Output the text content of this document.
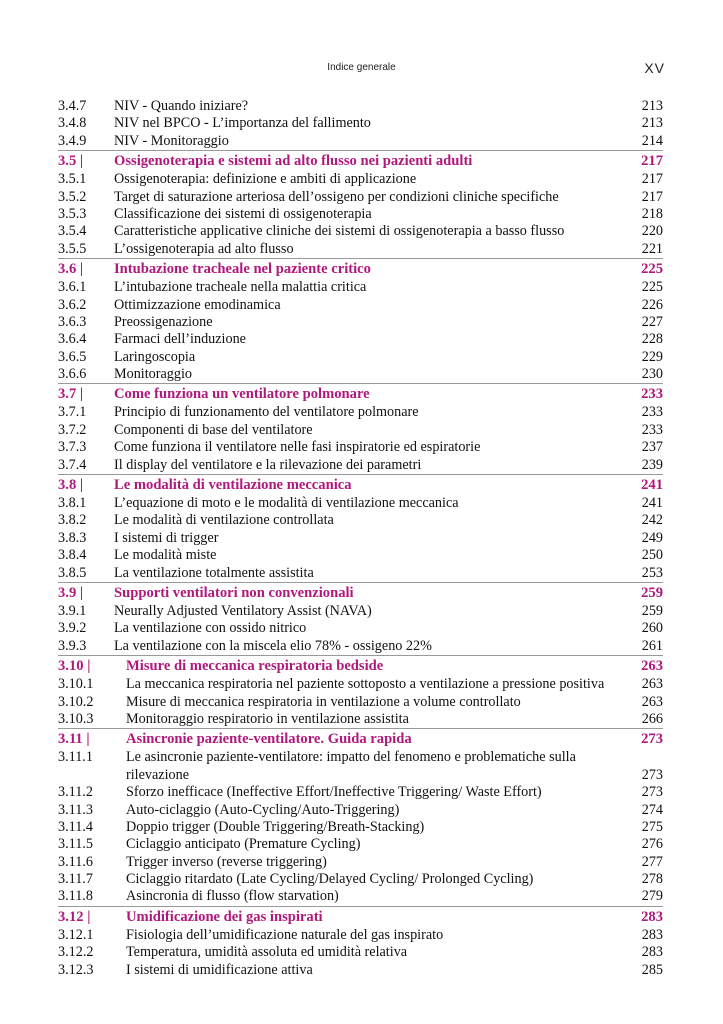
Indice generale	XV
3.4.7	NIV - Quando iniziare?	213
3.4.8	NIV nel BPCO - L’importanza del fallimento	213
3.4.9	NIV - Monitoraggio	214
3.5 |	Ossigenoterapia e sistemi ad alto flusso nei pazienti adulti	217
3.5.1	Ossigenoterapia: definizione e ambiti di applicazione	217
3.5.2	Target di saturazione arteriosa dell’ossigeno per condizioni cliniche specifiche	217
3.5.3	Classificazione dei sistemi di ossigenoterapia	218
3.5.4	Caratteristiche applicative cliniche dei sistemi di ossigenoterapia a basso flusso	220
3.5.5	L’ossigenoterapia ad alto flusso	221
3.6 |	Intubazione tracheale nel paziente critico	225
3.6.1	L’intubazione tracheale nella malattia critica	225
3.6.2	Ottimizzazione emodinamica	226
3.6.3	Preossigenazione	227
3.6.4	Farmaci dell’induzione	228
3.6.5	Laringoscopia	229
3.6.6	Monitoraggio	230
3.7 |	Come funziona un ventilatore polmonare	233
3.7.1	Principio di funzionamento del ventilatore polmonare	233
3.7.2	Componenti di base del ventilatore	233
3.7.3	Come funziona il ventilatore nelle fasi inspiratorie ed espiratorie	237
3.7.4	Il display del ventilatore e la rilevazione dei parametri	239
3.8 |	Le modalità di ventilazione meccanica	241
3.8.1	L’equazione di moto e le modalità di ventilazione meccanica	241
3.8.2	Le modalità di ventilazione controllata	242
3.8.3	I sistemi di trigger	249
3.8.4	Le modalità miste	250
3.8.5	La ventilazione totalmente assistita	253
3.9 |	Supporti ventilatori non convenzionali	259
3.9.1	Neurally Adjusted Ventilatory Assist (NAVA)	259
3.9.2	La ventilazione con ossido nitrico	260
3.9.3	La ventilazione con la miscela elio 78% - ossigeno 22%	261
3.10 |	Misure di meccanica respiratoria bedside	263
3.10.1	La meccanica respiratoria nel paziente sottoposto a ventilazione a pressione positiva	263
3.10.2	Misure di meccanica respiratoria in ventilazione a volume controllato	263
3.10.3	Monitoraggio respiratorio in ventilazione assistita	266
3.11 |	Asincronie paziente-ventilatore. Guida rapida	273
3.11.1	Le asincronie paziente-ventilatore: impatto del fenomeno e problematiche sulla rilevazione	273
3.11.2	Sforzo inefficace (Ineffective Effort/Ineffective Triggering/ Waste Effort)	273
3.11.3	Auto-ciclaggio (Auto-Cycling/Auto-Triggering)	274
3.11.4	Doppio trigger (Double Triggering/Breath-Stacking)	275
3.11.5	Ciclaggio anticipato (Premature Cycling)	276
3.11.6	Trigger inverso (reverse triggering)	277
3.11.7	Ciclaggio ritardato (Late Cycling/Delayed Cycling/ Prolonged Cycling)	278
3.11.8	Asincronia di flusso (flow starvation)	279
3.12 |	Umidificazione dei gas inspirati	283
3.12.1	Fisiologia dell’umidificazione naturale del gas inspirato	283
3.12.2	Temperatura, umidità assoluta ed umidità relativa	283
3.12.3	I sistemi di umidificazione attiva	285
